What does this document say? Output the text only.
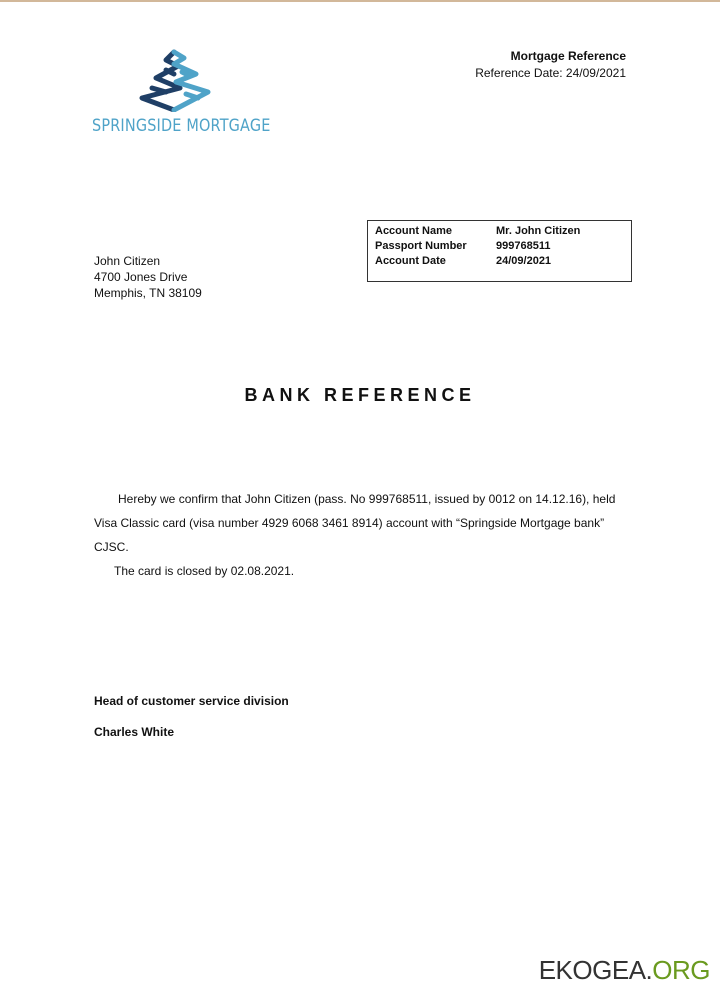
SPRINGSIDE MORTGAGE
Mortgage Reference
Reference Date: 24/09/2021
Account Name	Mr. John Citizen
Passport Number	999768511
Account Date	24/09/2021
John Citizen
4700 Jones Drive
Memphis, TN 38109
BANK REFERENCE
Hereby we confirm that John Citizen (pass. No 999768511, issued by 0012 on 14.12.16), held Visa Classic card (visa number 4929 6068 3461 8914) account with “Springside Mortgage bank” CJSC.
The card is closed by 02.08.2021.
Head of customer service division
Charles White
EKOGEA.ORG
